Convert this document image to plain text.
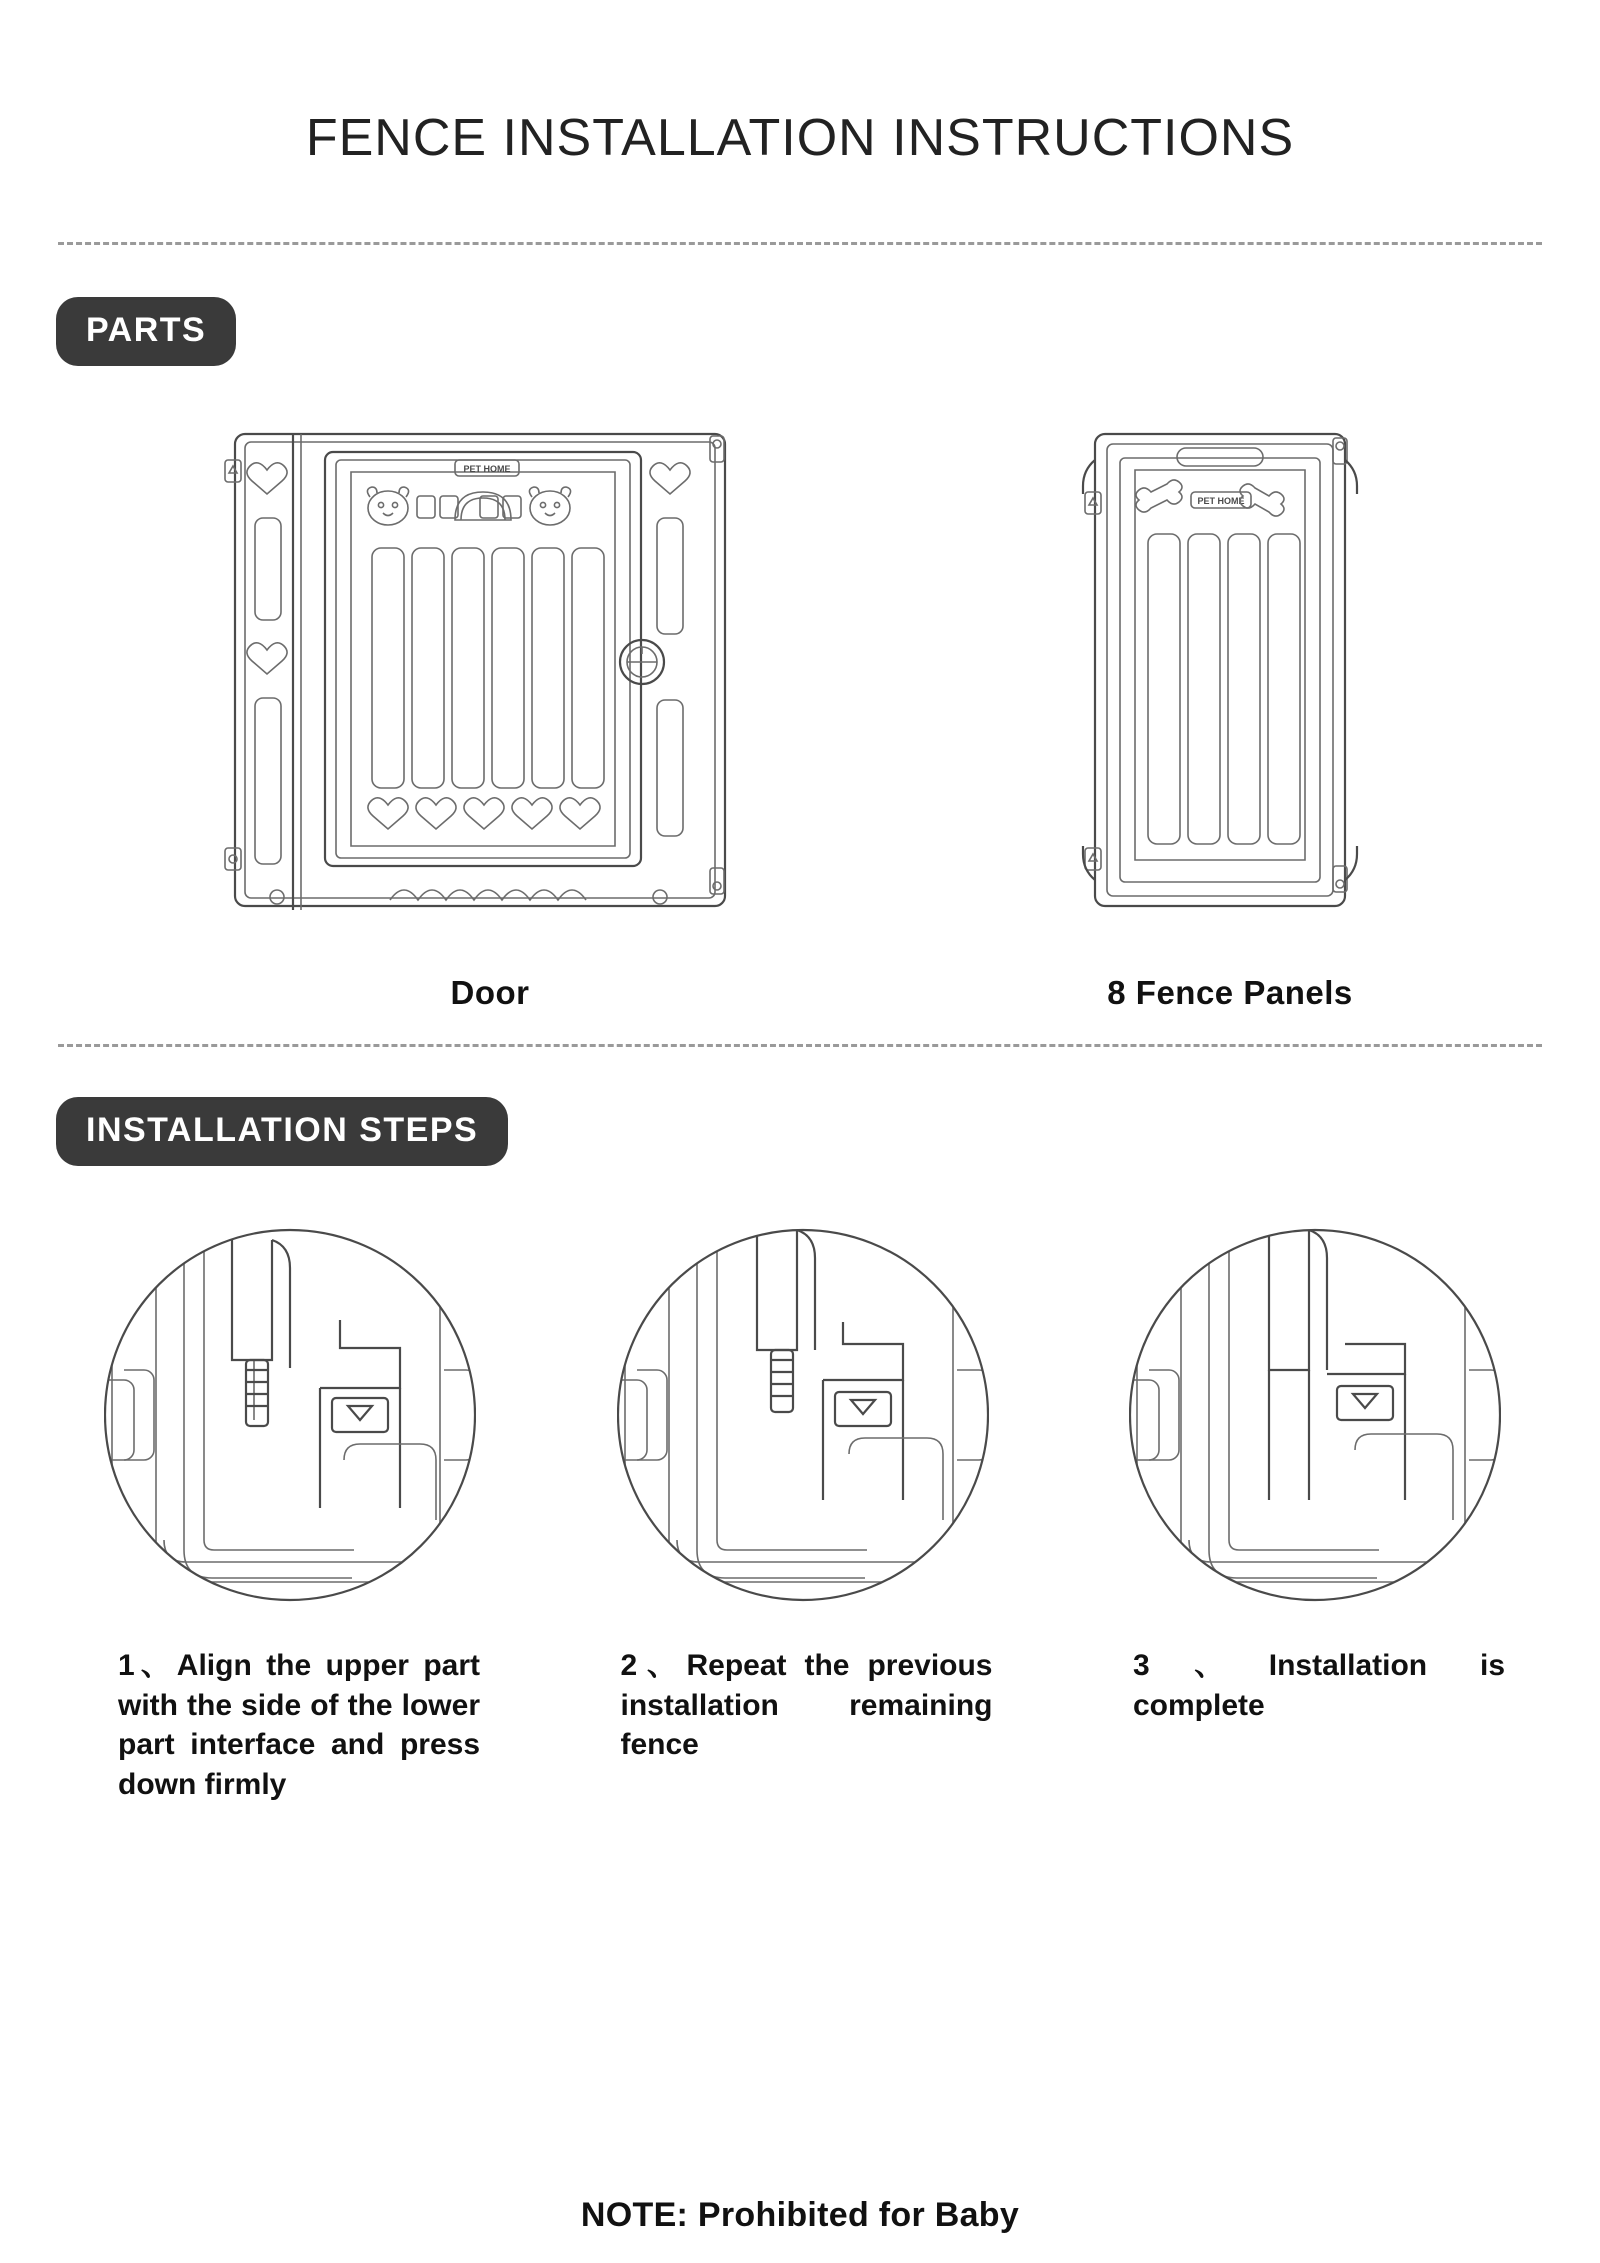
FENCE INSTALLATION INSTRUCTIONS
PARTS
PET HOME
Door
PET HOME
8 Fence Panels
INSTALLATION STEPS
1、Align the upper part with the side of the lower part interface and press down firmly
2、Repeat the previous installation remaining fence
3、Installation is complete
NOTE: Prohibited for Baby
